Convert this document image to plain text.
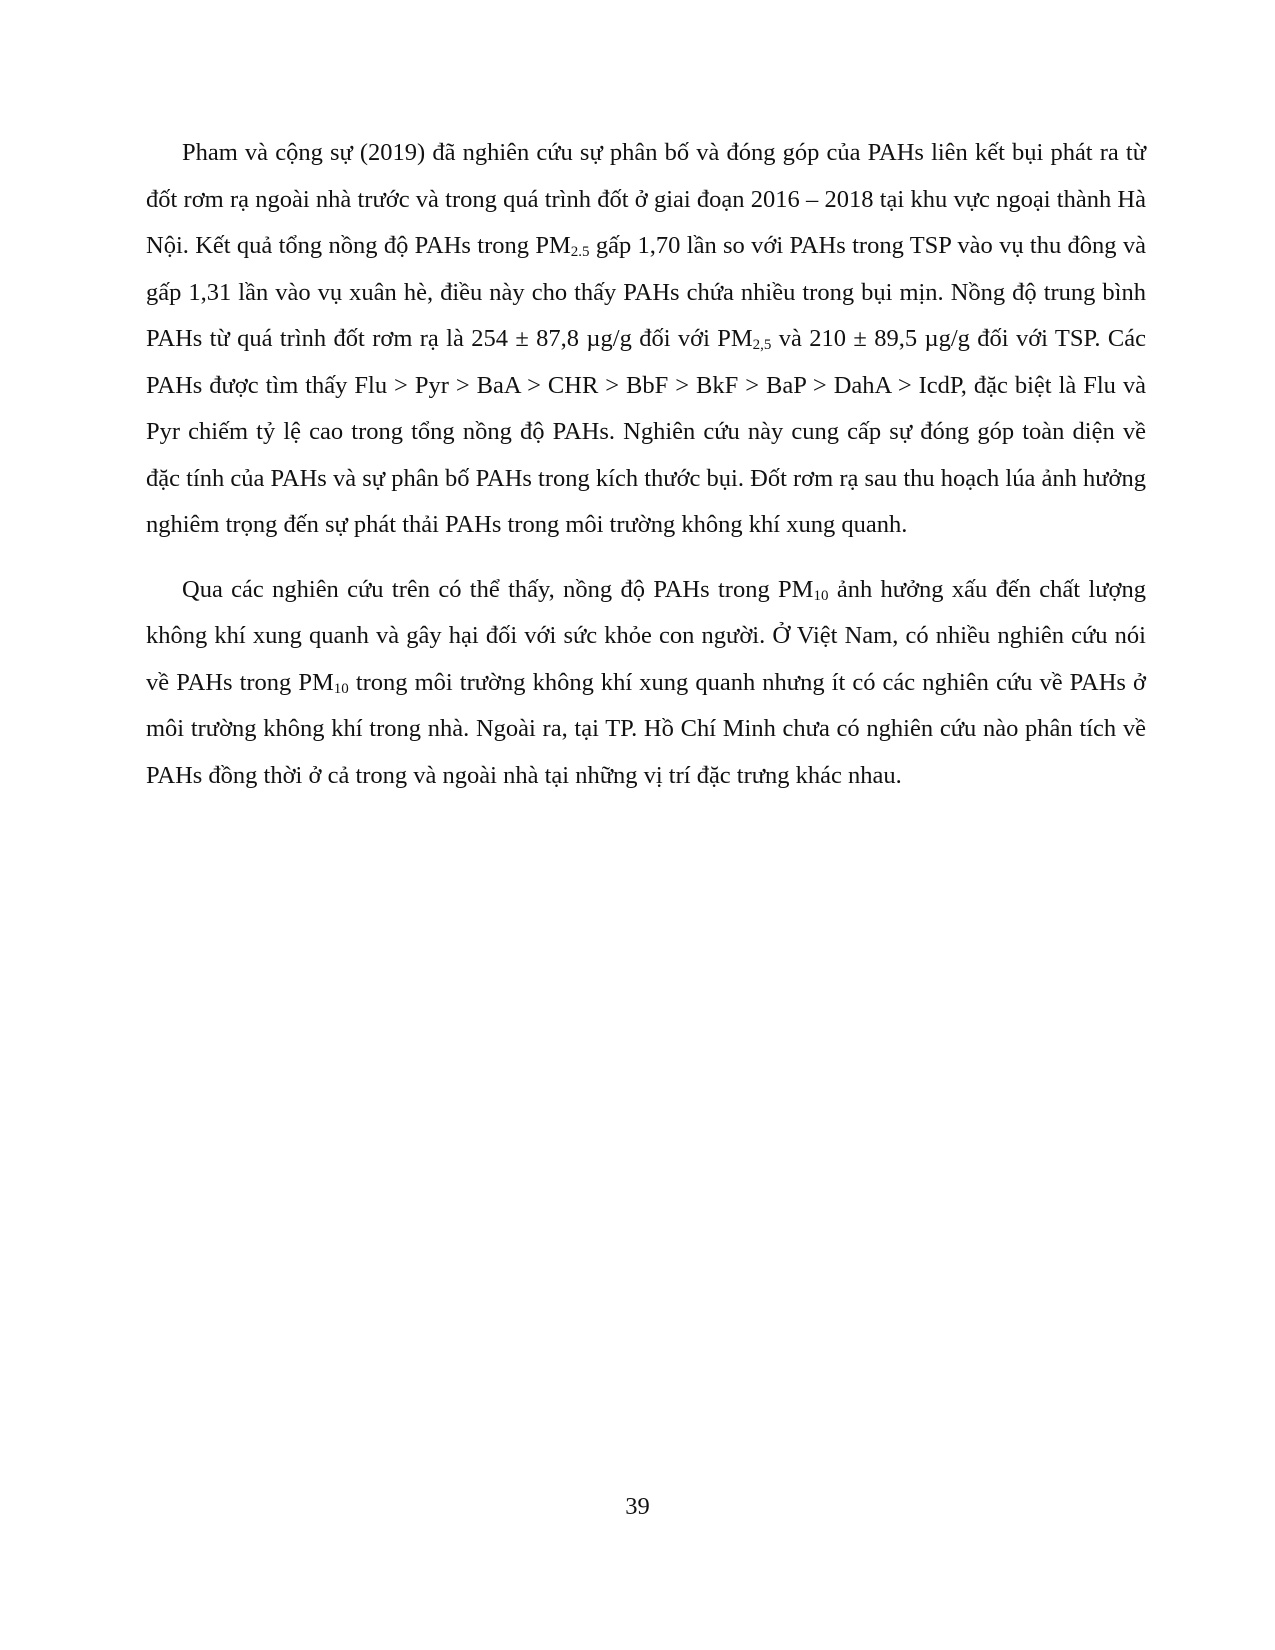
Pham và cộng sự (2019) đã nghiên cứu sự phân bố và đóng góp của PAHs liên kết bụi phát ra từ đốt rơm rạ ngoài nhà trước và trong quá trình đốt ở giai đoạn 2016 – 2018 tại khu vực ngoại thành Hà Nội. Kết quả tổng nồng độ PAHs trong $PM_{2.5}$ gấp 1,70 lần so với PAHs trong TSP vào vụ thu đông và gấp 1,31 lần vào vụ xuân hè, điều này cho thấy PAHs chứa nhiều trong bụi mịn. Nồng độ trung bình PAHs từ quá trình đốt rơm rạ là 254 ± 87,8 µg/g đối với $PM_{2,5}$ và 210 ± 89,5 µg/g đối với TSP. Các PAHs được tìm thấy Flu > Pyr > BaA > CHR > BbF > BkF > BaP > DahA > IcdP, đặc biệt là Flu và Pyr chiếm tỷ lệ cao trong tổng nồng độ PAHs. Nghiên cứu này cung cấp sự đóng góp toàn diện về đặc tính của PAHs và sự phân bố PAHs trong kích thước bụi. Đốt rơm rạ sau thu hoạch lúa ảnh hưởng nghiêm trọng đến sự phát thải PAHs trong môi trường không khí xung quanh.

Qua các nghiên cứu trên có thể thấy, nồng độ PAHs trong $PM_{10}$ ảnh hưởng xấu đến chất lượng không khí xung quanh và gây hại đối với sức khỏe con người. Ở Việt Nam, có nhiều nghiên cứu nói về PAHs trong $PM_{10}$ trong môi trường không khí xung quanh nhưng ít có các nghiên cứu về PAHs ở môi trường không khí trong nhà. Ngoài ra, tại TP. Hồ Chí Minh chưa có nghiên cứu nào phân tích về PAHs đồng thời ở cả trong và ngoài nhà tại những vị trí đặc trưng khác nhau.

39
